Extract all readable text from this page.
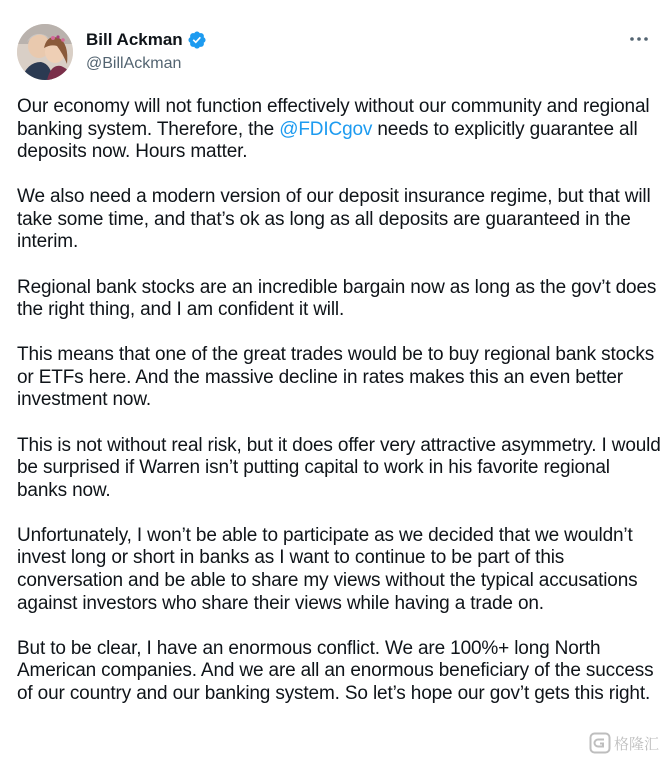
Bill Ackman
@BillAckman

Our economy will not function effectively without our community and regional banking system. Therefore, the @FDICgov needs to explicitly guarantee all deposits now. Hours matter.

We also need a modern version of our deposit insurance regime, but that will take some time, and that’s ok as long as all deposits are guaranteed in the interim.

Regional bank stocks are an incredible bargain now as long as the gov’t does the right thing, and I am confident it will.

This means that one of the great trades would be to buy regional bank stocks or ETFs here. And the massive decline in rates makes this an even better investment now.

This is not without real risk, but it does offer very attractive asymmetry. I would be surprised if Warren isn’t putting capital to work in his favorite regional banks now.

Unfortunately, I won’t be able to participate as we decided that we wouldn’t invest long or short in banks as I want to continue to be part of this conversation and be able to share my views without the typical accusations against investors who share their views while having a trade on.

But to be clear, I have an enormous conflict. We are 100%+ long North American companies. And we are all an enormous beneficiary of the success of our country and our banking system. So let’s hope our gov’t gets this right.

格隆汇
